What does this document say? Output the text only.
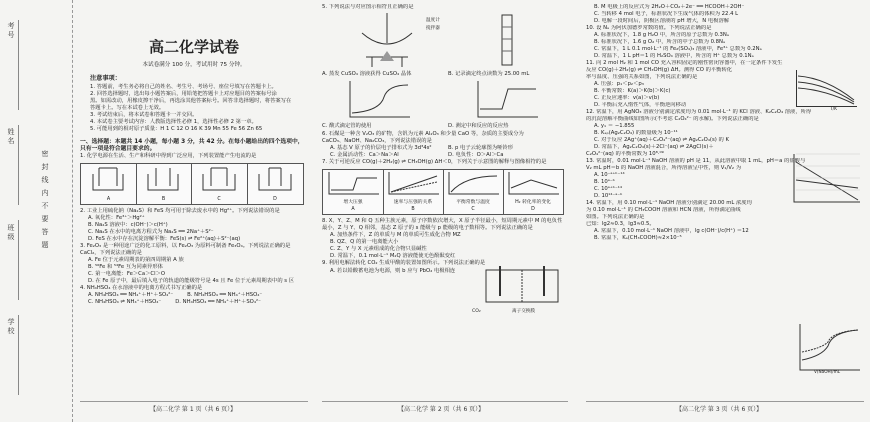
考号
姓名
班级
学校
密封线内不要答题
高二化学试卷
本试卷满分 100 分，考试用时 75 分钟。
注意事项：

1. 答题前，考生务必将自己的姓名、考生号、考场号、座位号填写在答题卡上。

2. 回答选择题时，选出每小题答案后，用铅笔把答题卡上对应题目的答案标号涂

黑。如需改动，用橡皮擦干净后，再选涂其他答案标号。回答非选择题时，将答案写在

答题卡上。写在本试卷上无效。

3. 考试结束后，将本试卷和答题卡一并交回。

4. 本试卷主要考试内容：人教版选择性必修 1，选择性必修 2 第一章。

5. 可能用到的相对原子质量：H 1 C 12 O 16 K 39 Mn 55 Fe 56 Zn 65

一、选择题：本题共 14 小题，每小题 3 分，共 42 分。在每小题给出的四个选项中，只有一项是符合题目要求的。

1. 化学电源在生活、生产和科研中得到广泛应用，下列装置能产生电流的是

A	B	C	D

2. 工业上用硫化钠（Na₂S）和 FeS 均可用于除去废水中的 Hg²⁺。下列说法错误的是

A. 氧化性：Fe³⁺＞Hg²⁺

B. Na₂S 溶液中：c(OH⁻)＞c(H⁺)

C. Na₂S 在水中的电离方程式为 Na₂S ══ 2Na⁺＋S²⁻

D. FeS 在水中存在沉淀溶解平衡：FeS(s) ⇌ Fe²⁺(aq)＋S²⁻(aq)

3. Fe₂O₃ 是一种用途广泛的化工原料，以 Fe₂O₃ 为原料可制备 Fe₃O₄。下列说法正确的是

CaCl₂，下列说法正确的是

A. Fe 位于元素周期表的第四周期第 A 族

B. ⁵⁶Fe 和 ⁵⁴Fe 互为同素异形体

C. 第一电离能：Fe＞Ca＞Cl＞O

D. 在 Fe 原子中，最后填入电子的轨道的能级符号是 4s 且 Fe 位于元素周期表中的 s 区

4. NH₄HSO₄ 在水溶液中的电离方程式书写正确的是

A. NH₄HSO₄ ══ NH₄⁺＋H⁺＋SO₄²⁻	B. NH₄HSO₄ ══ NH₄⁺＋HSO₄⁻
C. NH₄HSO₄ ⇌ NH₄⁺＋HSO₄⁻	D. NH₄HSO₄ ══ NH₄⁺＋H⁺＋SO₄²⁻

5. 下列说法与对应图示相符且正确的是

温度计
搅拌器

A. 蒸发 CuSO₄ 溶液获得 CuSO₄ 晶体	B. 记录滴定终点读数为 25.00 mL

C. 酸式滴定管的使用	D. 测定中和反应的反应热

6. 石煤是一种含 V₂O₃ 的矿物，含钒为元素 Al₂O₃ 和少量 CaO 等，杂质的主要成分为

CaCO₃、NaOH、Na₂CO₃，下列说法错误的是

A. 基态 V 原子的价层电子排布式为 3d³4s²	B. p 电子云轮廓图为哑铃形
C. 金属活动性：Ca＞Na＞Al	D. 电负性：O＞Al＞Ca

7. 关于可逆反应 CO(g)＋2H₂(g) ⇌ CH₃OH(g) ΔH＜0，下列关于示意图的解释与图像相符的是

增大压强
A
速率与压强的关系
B
平衡常数与温度
C
H₂ 转化率的变化
D

8. X、Y、Z、M 和 Q 五种主族元素，原子序数依次增大，X 原子半径最小，短周期元素中 M 的电负性

最小，Z 与 Y、Q 相邻，基态 Z 原子的 s 能级与 p 能级的电子数相等。下列说法正确的是

A. 加热条件下，Z 的单质与 M 的单质可生成化合物 MZ

B. QZ、Q 的第一电离能大小

C. Z、Y 与 X 元素组成的化合物只显碱性

D. 常温下，0.1 mol·L⁻¹ M₂Q 溶液能使无色酚酞变红

9. 利用电解法转化 CO₂ 生成甲酸的装置如图所示。下列说法正确的是

A. 若以铅酸蓄电池为电源，则 b 应与 PbO₂ 电极相连

CO₂	离子交换膜

B. M 电极上的反应式为 2H₂O＋CO₂＋2e⁻ ══ HCOOH＋2OH⁻

C. 当转移 4 mol 电子，标准状况下生成气体的体积为 22.4 L

D. 电解一段时间后，阴极区溶液的 pH 增大，N 电极溶解

10. 设 Nₐ 为阿伏加德罗常数的值。下列说法正确的是

A. 标准状况下，1.8 g H₂O 中，所含的原子总数为 0.3Nₐ

B. 标准状况下，1.6 g O₂ 中，所含的中子总数为 0.8Nₐ

C. 常温下，1 L 0.1 mol·L⁻¹ 的 Fe₂(SO₄)₃ 溶液中，Fe³⁺ 总数为 0.2Nₐ

D. 常温下，1 L pH＝1 的 H₂SO₄ 溶液中，所含的 H⁺ 总数为 0.1Nₐ

11. 向 2 mol H₂ 和 1 mol CO 充入容积固定的刚性密闭容器中，在一定条件下发生

反应 CO(g)＋2H₂(g) ⇌ CH₃OH(g) ΔH。测得 CO 的平衡转化

率与温度、压强的关系如图，下列说法正确的是

A. 压强：p₁＜p₂＜p₃

B. 平衡常数：K(a)＞K(b)＞K(c)

C. 正反应速率：v(a)＞v(b)

D. 平衡后充入惰性气体，平衡逆向移动

12. 常温下，用 AgNO₃ 溶液分别滴定浓度均为 0.01 mol·L⁻¹ 的 KCl 溶液、K₂C₂O₄ 溶液，所得

的沉淀溶解平衡曲线如图所示(不考虑 C₂O₄²⁻ 的水解)。下列说法正确的是

A. y₁ ＝ −1.855

B. Kₛₚ(Ag₂C₂O₄) 的数量级为 10⁻¹¹

C. 对于反应 2Ag⁺(aq)＋C₂O₄²⁻(aq) ⇌ Ag₂C₂O₄(s) 的 K

D. 常温下，Ag₂C₂O₄(s)＋2Cl⁻(aq) ⇌ 2AgCl(s)＋

C₂O₄²⁻(aq) 的平衡常数为 10⁸·⁰⁹

13. 常温时，0.01 mol·L⁻¹ NaOH 溶液的 pH 是 11，从此溶液中取 1 mL，pH＝a 的盐酸与

V₂ mL pH＝b 的 NaOH 溶液混合，所得溶液呈中性，则 V₁/V₂ 为

A. 10⁻ᵃ⁺ᵇ⁻¹⁴

B. 10ᵃ⁻ᵇ

C. 10ᵃ⁺ᵇ⁻¹⁴

D. 10¹⁴⁻ᵃ⁻ᵇ

14. 常温下，用 0.10 mol·L⁻¹ NaOH 溶液分别滴定 20.00 mL 浓度均

为 0.10 mol·L⁻¹ 的 CH₃COOH 溶液和 HCN 溶液，所得滴定曲线

如图。下列说法正确的是

已知：lg2≈0.3，lg3≈0.5。

A. 常温下，0.10 mol·L⁻¹ NaOH 溶液中，lg c(OH⁻)/c(H⁺) ＝12

B. 常温下，Kₐ(CH₃COOH)≈2×10⁻⁵

T/K
V(NaOH)/mL
【高二化学 第 1 页（共 6 页）】	【高二化学 第 2 页（共 6 页）】	【高二化学 第 3 页（共 6 页）】
